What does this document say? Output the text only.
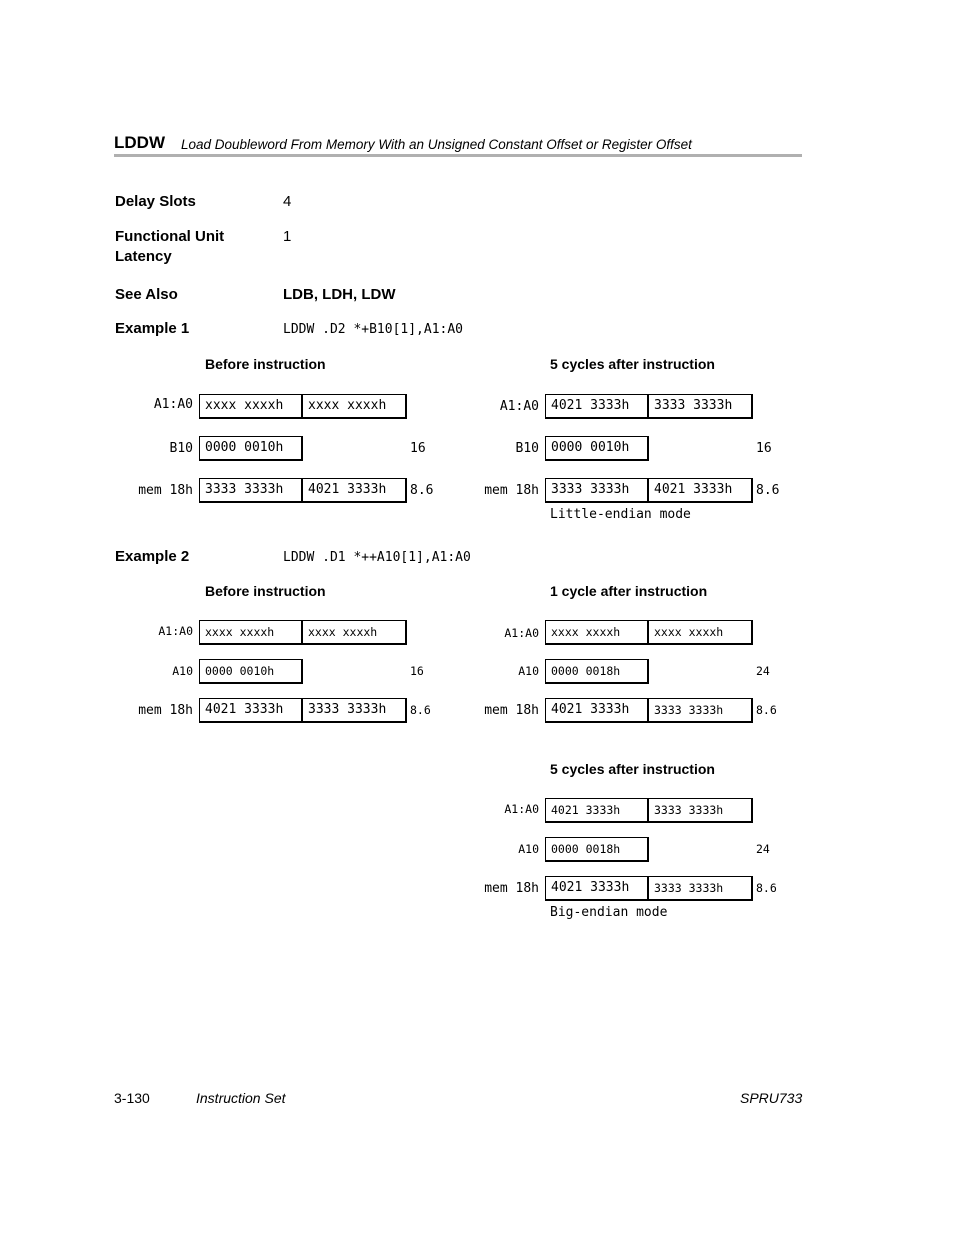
LDDW Load Doubleword From Memory With an Unsigned Constant Offset or Register Offset
Delay Slots	4
Functional Unit
Latency
1
See Also	LDB, LDH, LDW
Example 1	LDDW .D2 *+B10[1],A1:A0
Before instruction	5 cycles after instruction
A1:A0 xxxx xxxxh	xxxx xxxxh
B10 0000 0010h	16
mem 18h 3333 3333h	4021 3333h	8.6
A1:A0 4021 3333h	3333 3333h
B10 0000 0010h	16
mem 18h 3333 3333h	4021 3333h	8.6
Little-endian mode
Example 2	LDDW .D1 *++A10[1],A1:A0
Before instruction	1 cycle after instruction
A1:A0	xxxx xxxxh	xxxx xxxxh
A10	0000 0010h	16
mem 18h 4021 3333h	3333 3333h	8.6
A1:A0	xxxx xxxxh	xxxx xxxxh
A10	0000 0018h	24
mem 18h 4021 3333h	3333 3333h	8.6
5 cycles after instruction
A1:A0	4021 3333h	3333 3333h
A10	0000 0018h	24
mem 18h 4021 3333h	3333 3333h	8.6
Big-endian mode
3-130	Instruction Set	SPRU733
